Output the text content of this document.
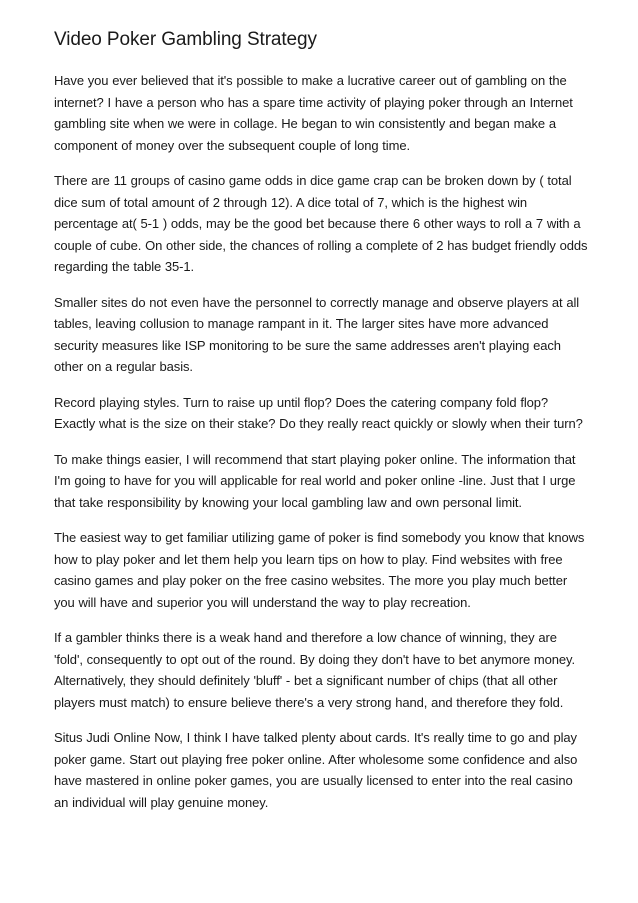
Video Poker Gambling Strategy

Have you ever believed that it's possible to make a lucrative career out of gambling on the internet? I have a person who has a spare time activity of playing poker through an Internet gambling site when we were in collage. He began to win consistently and began make a component of money over the subsequent couple of long time.

There are 11 groups of casino game odds in dice game crap can be broken down by ( total dice sum of total amount of 2 through 12). A dice total of 7, which is the highest win percentage at( 5-1 ) odds, may be the good bet because there 6 other ways to roll a 7 with a couple of cube. On other side, the chances of rolling a complete of 2 has budget friendly odds regarding the table 35-1.

Smaller sites do not even have the personnel to correctly manage and observe players at all tables, leaving collusion to manage rampant in it. The larger sites have more advanced security measures like ISP monitoring to be sure the same addresses aren't playing each other on a regular basis.

Record playing styles. Turn to raise up until flop? Does the catering company fold flop? Exactly what is the size on their stake? Do they really react quickly or slowly when their turn?

To make things easier, I will recommend that start playing poker online. The information that I'm going to have for you will applicable for real world and poker online -line. Just that I urge that take responsibility by knowing your local gambling law and own personal limit.

The easiest way to get familiar utilizing game of poker is find somebody you know that knows how to play poker and let them help you learn tips on how to play. Find websites with free casino games and play poker on the free casino websites. The more you play much better you will have and superior you will understand the way to play recreation.

If a gambler thinks there is a weak hand and therefore a low chance of winning, they are 'fold', consequently to opt out of the round. By doing they don't have to bet anymore money. Alternatively, they should definitely 'bluff' - bet a significant number of chips (that all other players must match) to ensure believe there's a very strong hand, and therefore they fold.

Situs Judi Online Now, I think I have talked plenty about cards. It's really time to go and play poker game. Start out playing free poker online. After wholesome some confidence and also have mastered in online poker games, you are usually licensed to enter into the real casino an individual will play genuine money.
